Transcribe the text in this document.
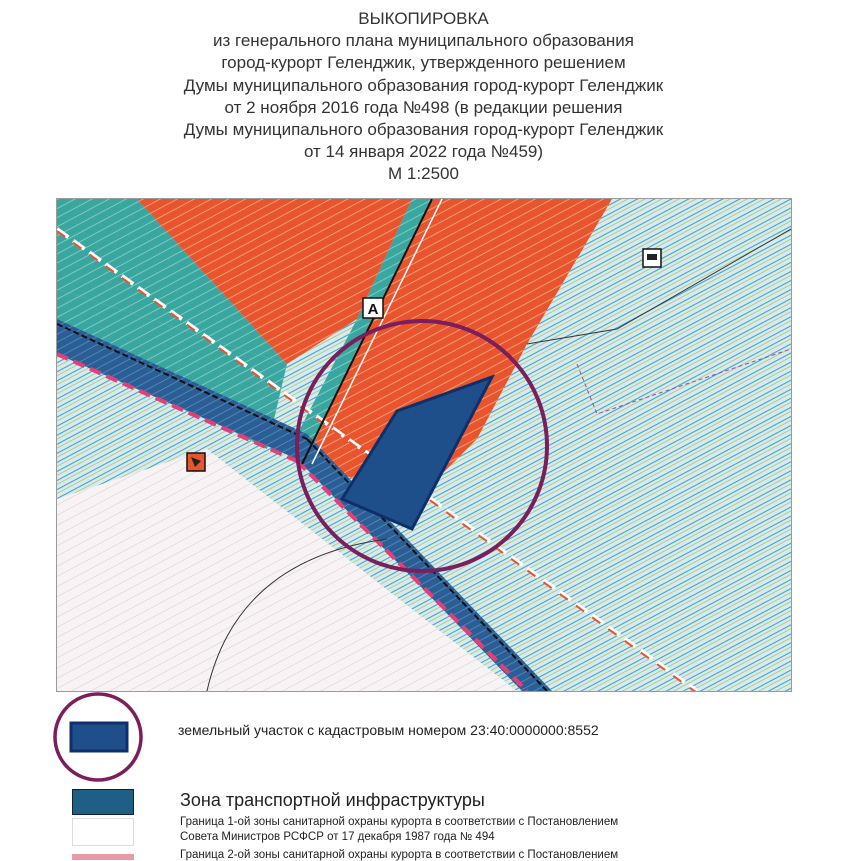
ВЫКОПИРОВКА
из генерального плана муниципального образования
город-курорт Геленджик, утвержденного решением
Думы муниципального образования город-курорт Геленджик
от 2 ноября 2016 года №498 (в редакции решения
Думы муниципального образования город-курорт Геленджик
от 14 января 2022 года №459)
М 1:2500
А
земельный участок с кадастровым номером 23:40:0000000:8552
Зона транспортной инфраструктуры
Граница 1-ой зоны санитарной охраны курорта в соответствии с Постановлением
Совета Министров РСФСР от 17 декабря 1987 года № 494
Граница 2-ой зоны санитарной охраны курорта в соответствии с Постановлением
